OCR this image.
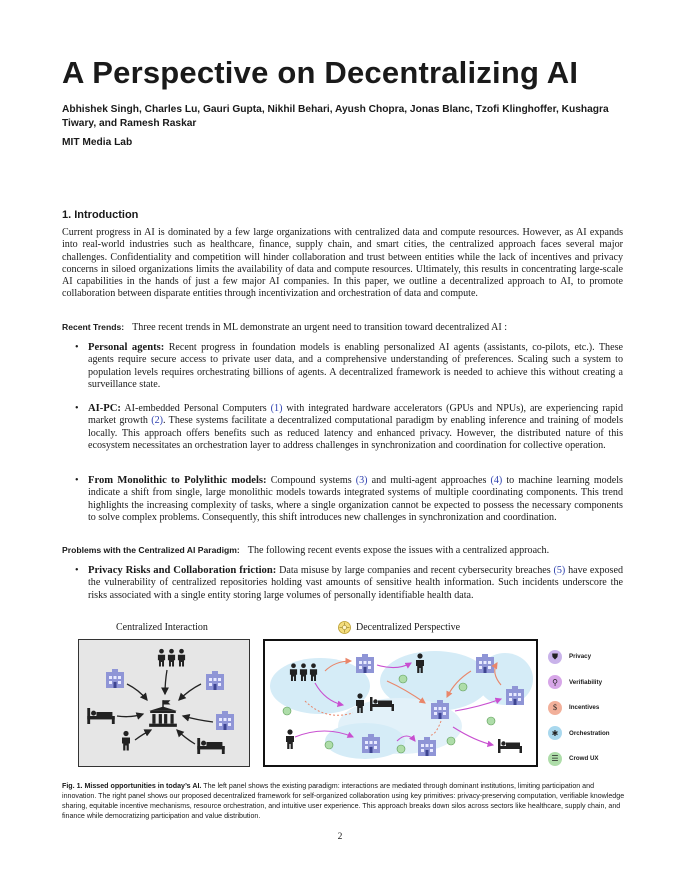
A Perspective on Decentralizing AI
Abhishek Singh, Charles Lu, Gauri Gupta, Nikhil Behari, Ayush Chopra, Jonas Blanc, Tzofi Klinghoffer, Kushagra Tiwary, and Ramesh Raskar
MIT Media Lab
1. Introduction
Current progress in AI is dominated by a few large organizations with centralized data and compute resources. However, as AI expands into real-world industries such as healthcare, finance, supply chain, and smart cities, the centralized approach faces several major challenges. Confidentiality and competition will hinder collaboration and trust between entities while the lack of incentives and privacy concerns in siloed organizations limits the availability of data and compute resources. Ultimately, this results in concentrating large-scale AI capabilities in the hands of just a few major AI companies. In this paper, we outline a decentralized approach to AI, to promote collaboration between disparate entities through incentivization and orchestration of data and compute.
Recent Trends: Three recent trends in ML demonstrate an urgent need to transition toward decentralized AI :
• Personal agents: Recent progress in foundation models is enabling personalized AI agents (assistants, co-pilots, etc.). These agents require secure access to private user data, and a comprehensive understanding of preferences. Scaling such a system to population levels requires orchestrating billions of agents. A decentralized framework is needed to achieve this without creating a surveillance state.
• AI-PC: AI-embedded Personal Computers (1) with integrated hardware accelerators (GPUs and NPUs), are experiencing rapid market growth (2). These systems facilitate a decentralized computational paradigm by enabling inference and training of models locally. This approach offers benefits such as reduced latency and enhanced privacy. However, the distributed nature of this ecosystem necessitates an orchestration layer to address challenges in synchronization and coordination for collective operation.
• From Monolithic to Polylithic models: Compound systems (3) and multi-agent approaches (4) to machine learning models indicate a shift from single, large monolithic models towards integrated systems of multiple coordinating components. This trend highlights the increasing complexity of tasks, where a single organization cannot be expected to possess the necessary components to solve complex problems. Consequently, this shift introduces new challenges in synchronization and coordination.
Problems with the Centralized AI Paradigm: The following recent events expose the issues with a centralized approach.
• Privacy Risks and Collaboration friction: Data misuse by large companies and recent cybersecurity breaches (5) have exposed the vulnerability of centralized repositories holding vast amounts of sensitive health information. Such incidents underscore the risks associated with a single entity storing large volumes of personally identifiable health data.
Centralized Interaction	Decentralized Perspective
⛊	Privacy
⚲	Verifiability
$	Incentives
✱	Orchestration
☰	Crowd UX
Fig. 1. Missed opportunities in today’s AI. The left panel shows the existing paradigm: interactions are mediated through dominant institutions, limiting participation and innovation. The right panel shows our proposed decentralized framework for self-organized collaboration using key primitives: privacy-preserving computation, verifiable knowledge sharing, equitable incentive mechanisms, resource orchestration, and intuitive user experience. This approach breaks down silos across sectors like healthcare, supply chain, and finance while democratizing participation and value distribution.
2
